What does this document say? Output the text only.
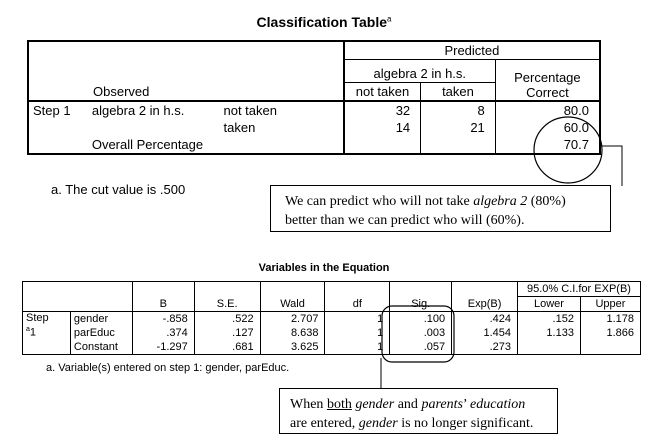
Classification Table$^a$
Observed			Predicted		
			algebra 2 in h.s.		Percentage
Correct
			not taken	taken	
Step 1	algebra 2 in h.s.	not taken	32	8	80.0
		taken	14	21	60.0
	Overall Percentage				70.7
a. The cut value is .500
We can predict who will not take algebra 2 (80%)
better than we can predict who will (60%).
Variables in the Equation
		B	S.E.	Wald	df	Sig.	Exp(B)	95.0% C.I.for EXP(B)	
								Lower	Upper
Step
$^a$1	gender	-.858	.522	2.707	1	.100	.424	.152	1.178
	parEduc	.374	.127	8.638	1	.003	1.454	1.133	1.866
	Constant	-1.297	.681	3.625	1	.057	.273		
a. Variable(s) entered on step 1: gender, parEduc.
When both gender and parents’ education
are entered, gender is no longer significant.
